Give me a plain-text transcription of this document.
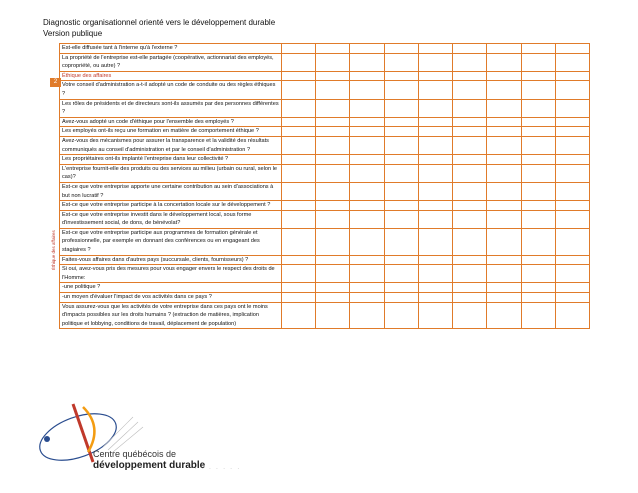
Diagnostic organisationnel orienté vers le développement durable
Version publique
2
Éthique des affaires
Est-elle diffusée tant à l'interne qu'à l'externe ?									
La propriété de l'entreprise est-elle partagée (coopérative, actionnariat des employés, copropriété, ou autre) ?									
Éthique des affaires									
Votre conseil d'administration a-t-il adopté un code de conduite ou des règles éthiques ?									
Les rôles de présidents et de directeurs sont-ils assumés par des personnes différentes ?									
Avez-vous adopté un code d'éthique pour l'ensemble des employés ?									
Les employés ont-ils reçu une formation en matière de comportement éthique ?									
Avez-vous des mécanismes pour assurer la transparence et la validité des résultats communiqués au conseil d'administration et par le conseil d'administration ?									
Les propriétaires ont-ils implanté l'entreprise dans leur collectivité ?									
L'entreprise fournit-elle des produits ou des services au milieu (urbain ou rural, selon le cas)?									
Est-ce que votre entreprise apporte une certaine contribution au sein d'associations à but non lucratif ?									
Est-ce que votre entreprise participe à la concertation locale sur le développement ?									
Est-ce que votre entreprise investit dans le développement local, sous forme d'investissement social, de dons, de bénévolat?									
Est-ce que votre entreprise participe aux programmes de formation générale et professionnelle, par exemple en donnant des conférences ou en engageant des stagiaires ?									
Faites-vous affaires dans d'autres pays (succursale, clients, fournisseurs) ?									
Si oui, avez-vous pris des mesures pour vous engager envers le respect des droits de l'Homme:									
-une politique ?									
-un moyen d'évaluer l'impact de vos activités dans ce pays ?									
Vous assurez-vous que les activités de votre entreprise dans ces pays ont le moins d'impacts possibles sur les droits humains ? (extraction de matières, implication politique et lobbying, conditions de travail, déplacement de population)									
Centre québécois de
développement durable
· · · · · · ·
